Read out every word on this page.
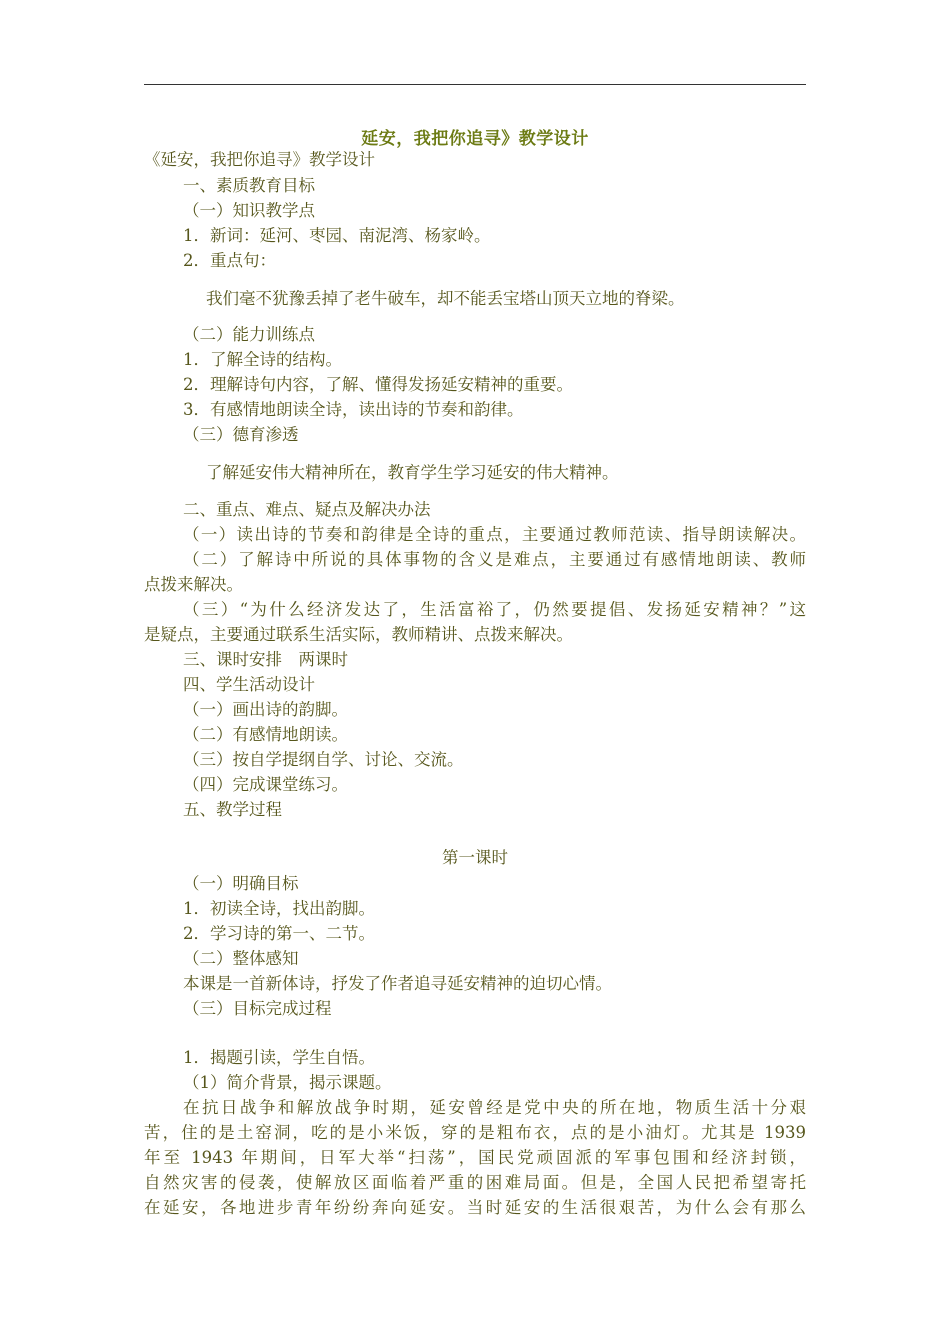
延安，我把你追寻》教学设计
《延安，我把你追寻》教学设计
一、素质教育目标
（一）知识教学点
1．新词：延河、枣园、南泥湾、杨家岭。
2．重点句：
我们毫不犹豫丢掉了老牛破车，却不能丢宝塔山顶天立地的脊梁。
（二）能力训练点
1．了解全诗的结构。
2．理解诗句内容，了解、懂得发扬延安精神的重要。
3．有感情地朗读全诗，读出诗的节奏和韵律。
（三）德育渗透
了解延安伟大精神所在，教育学生学习延安的伟大精神。
二、重点、难点、疑点及解决办法
（一）读出诗的节奏和韵律是全诗的重点，主要通过教师范读、指导朗读解决。
（二）了解诗中所说的具体事物的含义是难点，主要通过有感情地朗读、教师
点拨来解决。
（三）“为什么经济发达了，生活富裕了，仍然要提倡、发扬延安精神？”这
是疑点，主要通过联系生活实际，教师精讲、点拨来解决。
三、课时安排　两课时
四、学生活动设计
（一）画出诗的韵脚。
（二）有感情地朗读。
（三）按自学提纲自学、讨论、交流。
（四）完成课堂练习。
五、教学过程
（一）明确目标
1．初读全诗，找出韵脚。
2．学习诗的第一、二节。
（二）整体感知
本课是一首新体诗，抒发了作者追寻延安精神的迫切心情。
（三）目标完成过程
1．揭题引读，学生自悟。
（1）简介背景，揭示课题。
在抗日战争和解放战争时期，延安曾经是党中央的所在地，物质生活十分艰
苦，住的是土窑洞，吃的是小米饭，穿的是粗布衣，点的是小油灯。尤其是 1939
年至 1943 年期间，日军大举“扫荡”，国民党顽固派的军事包围和经济封锁，
自然灾害的侵袭，使解放区面临着严重的困难局面。但是，全国人民把希望寄托
在延安，各地进步青年纷纷奔向延安。当时延安的生活很艰苦，为什么会有那么
第一课时
